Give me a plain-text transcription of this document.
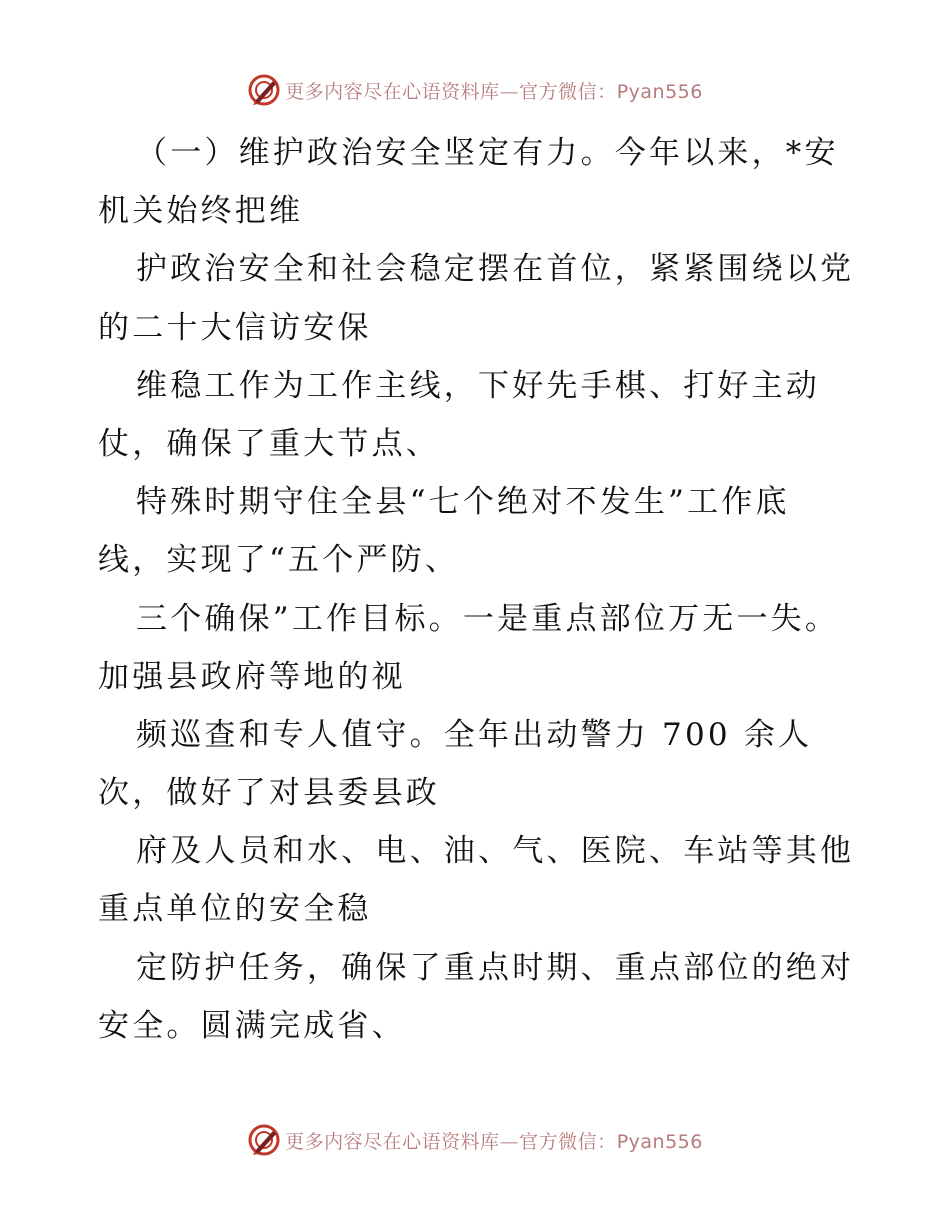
更多内容尽在心语资料库—官方微信：Pyan556
（一）维护政治安全坚定有力。今年以来，*安
机关始终把维
护政治安全和社会稳定摆在首位，紧紧围绕以党
的二十大信访安保
维稳工作为工作主线，下好先手棋、打好主动
仗，确保了重大节点、
特殊时期守住全县“七个绝对不发生”工作底
线，实现了“五个严防、
三个确保”工作目标。一是重点部位万无一失。
加强县政府等地的视
频巡查和专人值守。全年出动警力 700 余人
次，做好了对县委县政
府及人员和水、电、油、气、医院、车站等其他
重点单位的安全稳
定防护任务，确保了重点时期、重点部位的绝对
安全。圆满完成省、
更多内容尽在心语资料库—官方微信：Pyan556
